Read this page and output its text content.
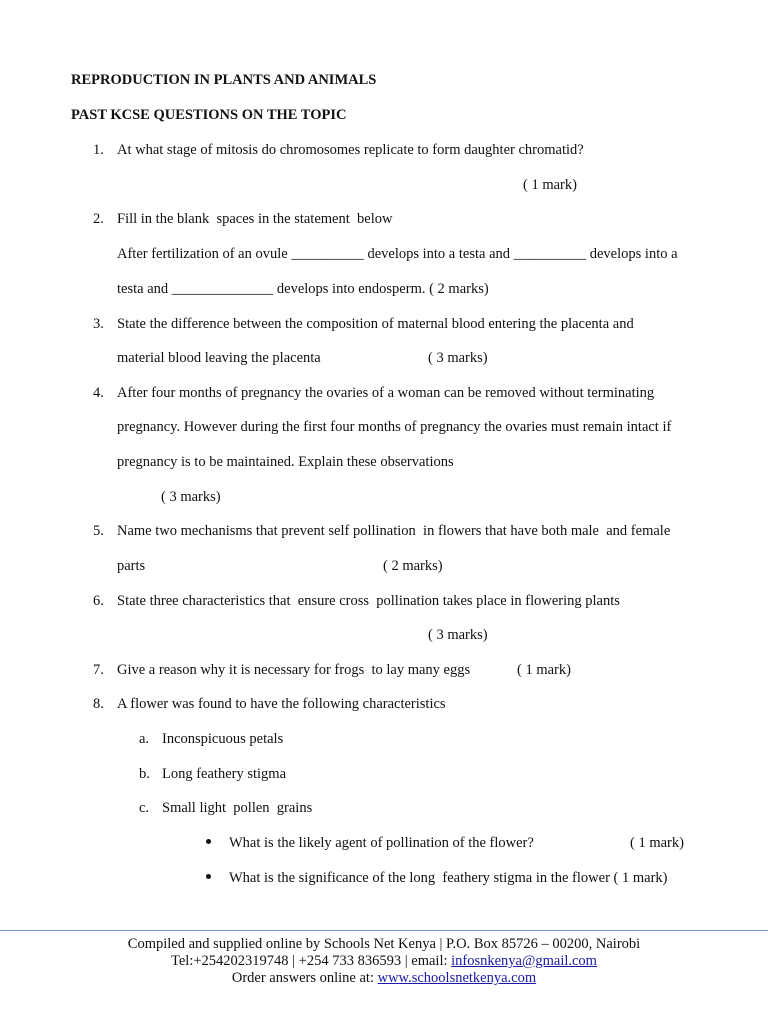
REPRODUCTION IN PLANTS AND ANIMALS
PAST KCSE QUESTIONS ON THE TOPIC
1. At what stage of mitosis do chromosomes replicate to form daughter chromatid?
( 1 mark)
2. Fill in the blank  spaces in the statement  below
After fertilization of an ovule __________ develops into a testa and __________ develops into a
testa and ______________ develops into endosperm. ( 2 marks)
3. State the difference between the composition of maternal blood entering the placenta and
material blood leaving the placenta	( 3 marks)
4. After four months of pregnancy the ovaries of a woman can be removed without terminating
pregnancy. However during the first four months of pregnancy the ovaries must remain intact if
pregnancy is to be maintained. Explain these observations
( 3 marks)
5. Name two mechanisms that prevent self pollination  in flowers that have both male  and female
parts	( 2 marks)
6. State three characteristics that  ensure cross  pollination takes place in flowering plants
( 3 marks)
7. Give a reason why it is necessary for frogs  to lay many eggs	( 1 mark)
8. A flower was found to have the following characteristics
a. Inconspicuous petals
b. Long feathery stigma
c. Small light  pollen  grains
What is the likely agent of pollination of the flower?	( 1 mark)
What is the significance of the long  feathery stigma in the flower ( 1 mark)
Compiled and supplied online by Schools Net Kenya | P.O. Box 85726 – 00200, Nairobi
Tel:+254202319748 | +254 733 836593 | email: infosnkenya@gmail.com
Order answers online at: www.schoolsnetkenya.com
